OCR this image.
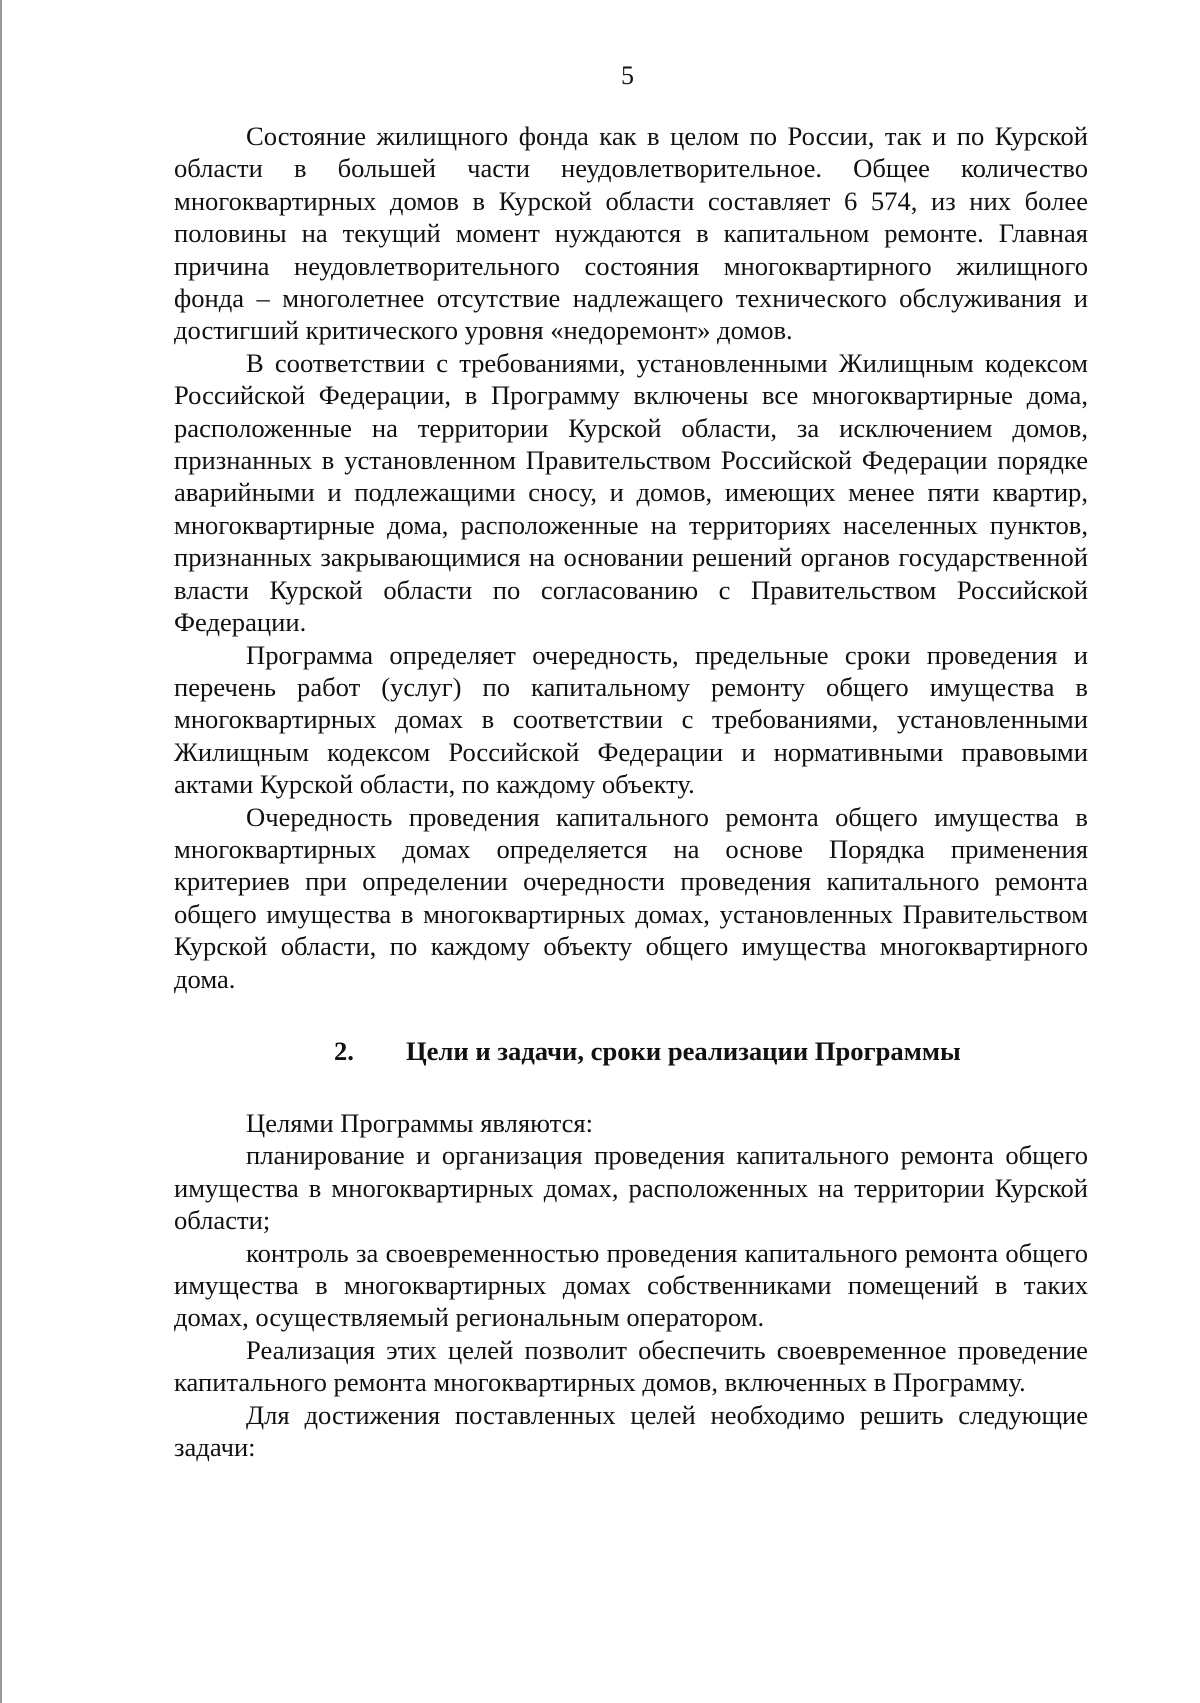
5

Состояние жилищного фонда как в целом по России, так и по Курской области в большей части неудовлетворительное. Общее количество многоквартирных домов в Курской области составляет 6 574, из них более половины на текущий момент нуждаются в капитальном ремонте. Главная причина неудовлетворительного состояния многоквартирного жилищного фонда – многолетнее отсутствие надлежащего технического обслуживания и достигший критического уровня «недоремонт» домов.

В соответствии с требованиями, установленными Жилищным кодексом Российской Федерации, в Программу включены все многоквартирные дома, расположенные на территории Курской области, за исключением домов, признанных в установленном Правительством Российской Федерации порядке аварийными и подлежащими сносу, и домов, имеющих менее пяти квартир, многоквартирные дома, расположенные на территориях населенных пунктов, признанных закрывающимися на основании решений органов государственной власти Курской области по согласованию с Правительством Российской Федерации.

Программа определяет очередность, предельные сроки проведения и перечень работ (услуг) по капитальному ремонту общего имущества в многоквартирных домах в соответствии с требованиями, установленными Жилищным кодексом Российской Федерации и нормативными правовыми актами Курской области, по каждому объекту.

Очередность проведения капитального ремонта общего имущества в многоквартирных домах определяется на основе Порядка применения критериев при определении очередности проведения капитального ремонта общего имущества в многоквартирных домах, установленных Правительством Курской области, по каждому объекту общего имущества многоквартирного дома.

2.	Цели и задачи, сроки реализации Программы

Целями Программы являются:

планирование и организация проведения капитального ремонта общего имущества в многоквартирных домах, расположенных на территории Курской области;

контроль за своевременностью проведения капитального ремонта общего имущества в многоквартирных домах собственниками помещений в таких домах, осуществляемый региональным оператором.

Реализация этих целей позволит обеспечить своевременное проведение капитального ремонта многоквартирных домов, включенных в Программу.

Для достижения поставленных целей необходимо решить следующие задачи:
